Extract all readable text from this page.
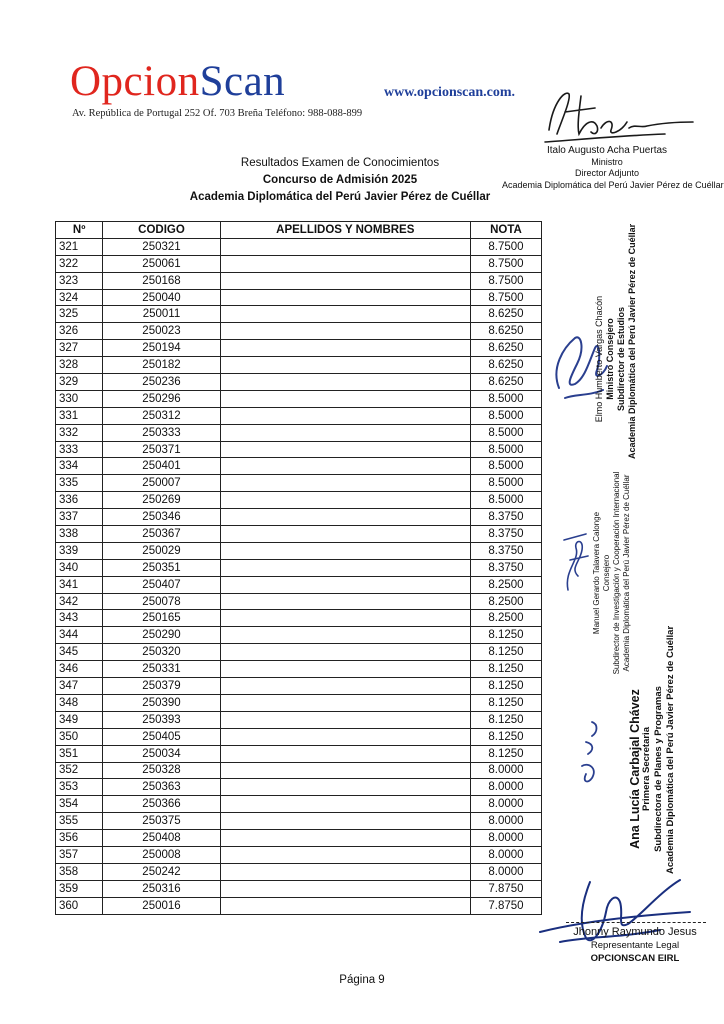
OpcionScan
Av. República de Portugal 252 Of. 703 Breña Teléfono: 988-088-899
www.opcionscan.com.
Italo Augusto Acha Puertas
Ministro
Director Adjunto
Academia Diplomática del Perú Javier Pérez de Cuéllar
Resultados Examen de Conocimientos
Concurso de Admisión 2025
Academia Diplomática del Perú Javier Pérez de Cuéllar
Nº	CODIGO	APELLIDOS Y NOMBRES	NOTA
321	250321		8.7500
322	250061		8.7500
323	250168		8.7500
324	250040		8.7500
325	250011		8.6250
326	250023		8.6250
327	250194		8.6250
328	250182		8.6250
329	250236		8.6250
330	250296		8.5000
331	250312		8.5000
332	250333		8.5000
333	250371		8.5000
334	250401		8.5000
335	250007		8.5000
336	250269		8.5000
337	250346		8.3750
338	250367		8.3750
339	250029		8.3750
340	250351		8.3750
341	250407		8.2500
342	250078		8.2500
343	250165		8.2500
344	250290		8.1250
345	250320		8.1250
346	250331		8.1250
347	250379		8.1250
348	250390		8.1250
349	250393		8.1250
350	250405		8.1250
351	250034		8.1250
352	250328		8.0000
353	250363		8.0000
354	250366		8.0000
355	250375		8.0000
356	250408		8.0000
357	250008		8.0000
358	250242		8.0000
359	250316		7.8750
360	250016		7.8750
Elmo Humberto Vargas Chacón Ministro Consejero Subdirector de Estudios Academia Diplomática del Perú Javier Pérez de Cuéllar
Manuel Gerardo Talavera Calonge Consejero Subdirector de Investigación y Cooperación Internacional Academia Diplomática del Perú Javier Pérez de Cuéllar
Ana Lucía Carbajal Chávez Primera Secretaria Subdirectora de Planes y Programas Academia Diplomática del Perú Javier Pérez de Cuéllar
Jhonny Raymundo Jesus
Representante Legal
OPCIONSCAN EIRL
Página 9
